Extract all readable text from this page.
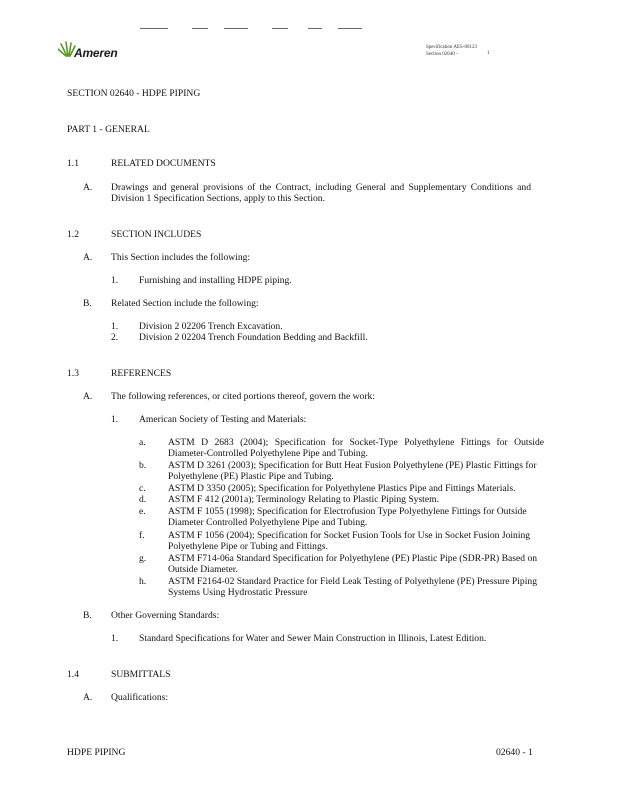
Ameren	Specification AES-00123
Section 02640 -	1
SECTION 02640 - HDPE PIPING
PART 1 - GENERAL
1.1	RELATED DOCUMENTS
A. Drawings and general provisions of the Contract, including General and Supplementary Conditions and Division 1 Specification Sections, apply to this Section.
1.2	SECTION INCLUDES
A. This Section includes the following:
1. Furnishing and installing HDPE piping.
B. Related Section include the following:
1. Division 2 02206 Trench Excavation.
2. Division 2 02204 Trench Foundation Bedding and Backfill.
1.3	REFERENCES
A. The following references, or cited portions thereof, govern the work:
1. American Society of Testing and Materials:
a. ASTM D 2683 (2004); Specification for Socket-Type Polyethylene Fittings for Outside Diameter-Controlled Polyethylene Pipe and Tubing.
b. ASTM D 3261 (2003); Specification for Butt Heat Fusion Polyethylene (PE) Plastic Fittings for Polyethylene (PE) Plastic Pipe and Tubing.
c. ASTM D 3350 (2005); Specification for Polyethylene Plastics Pipe and Fittings Materials.
d. ASTM F 412 (2001a); Terminology Relating to Plastic Piping System.
e. ASTM F 1055 (1998); Specification for Electrofusion Type Polyethylene Fittings for Outside Diameter Controlled Polyethylene Pipe and Tubing.
f. ASTM F 1056 (2004); Specification for Socket Fusion Tools for Use in Socket Fusion Joining Polyethylene Pipe or Tubing and Fittings.
g. ASTM F714-06a Standard Specification for Polyethylene (PE) Plastic Pipe (SDR-PR) Based on Outside Diameter.
h. ASTM F2164-02 Standard Practice for Field Leak Testing of Polyethylene (PE) Pressure Piping Systems Using Hydrostatic Pressure
B. Other Governing Standards:
1. Standard Specifications for Water and Sewer Main Construction in Illinois, Latest Edition.
1.4	SUBMITTALS
A. Qualifications:
HDPE PIPING	02640 - 1
